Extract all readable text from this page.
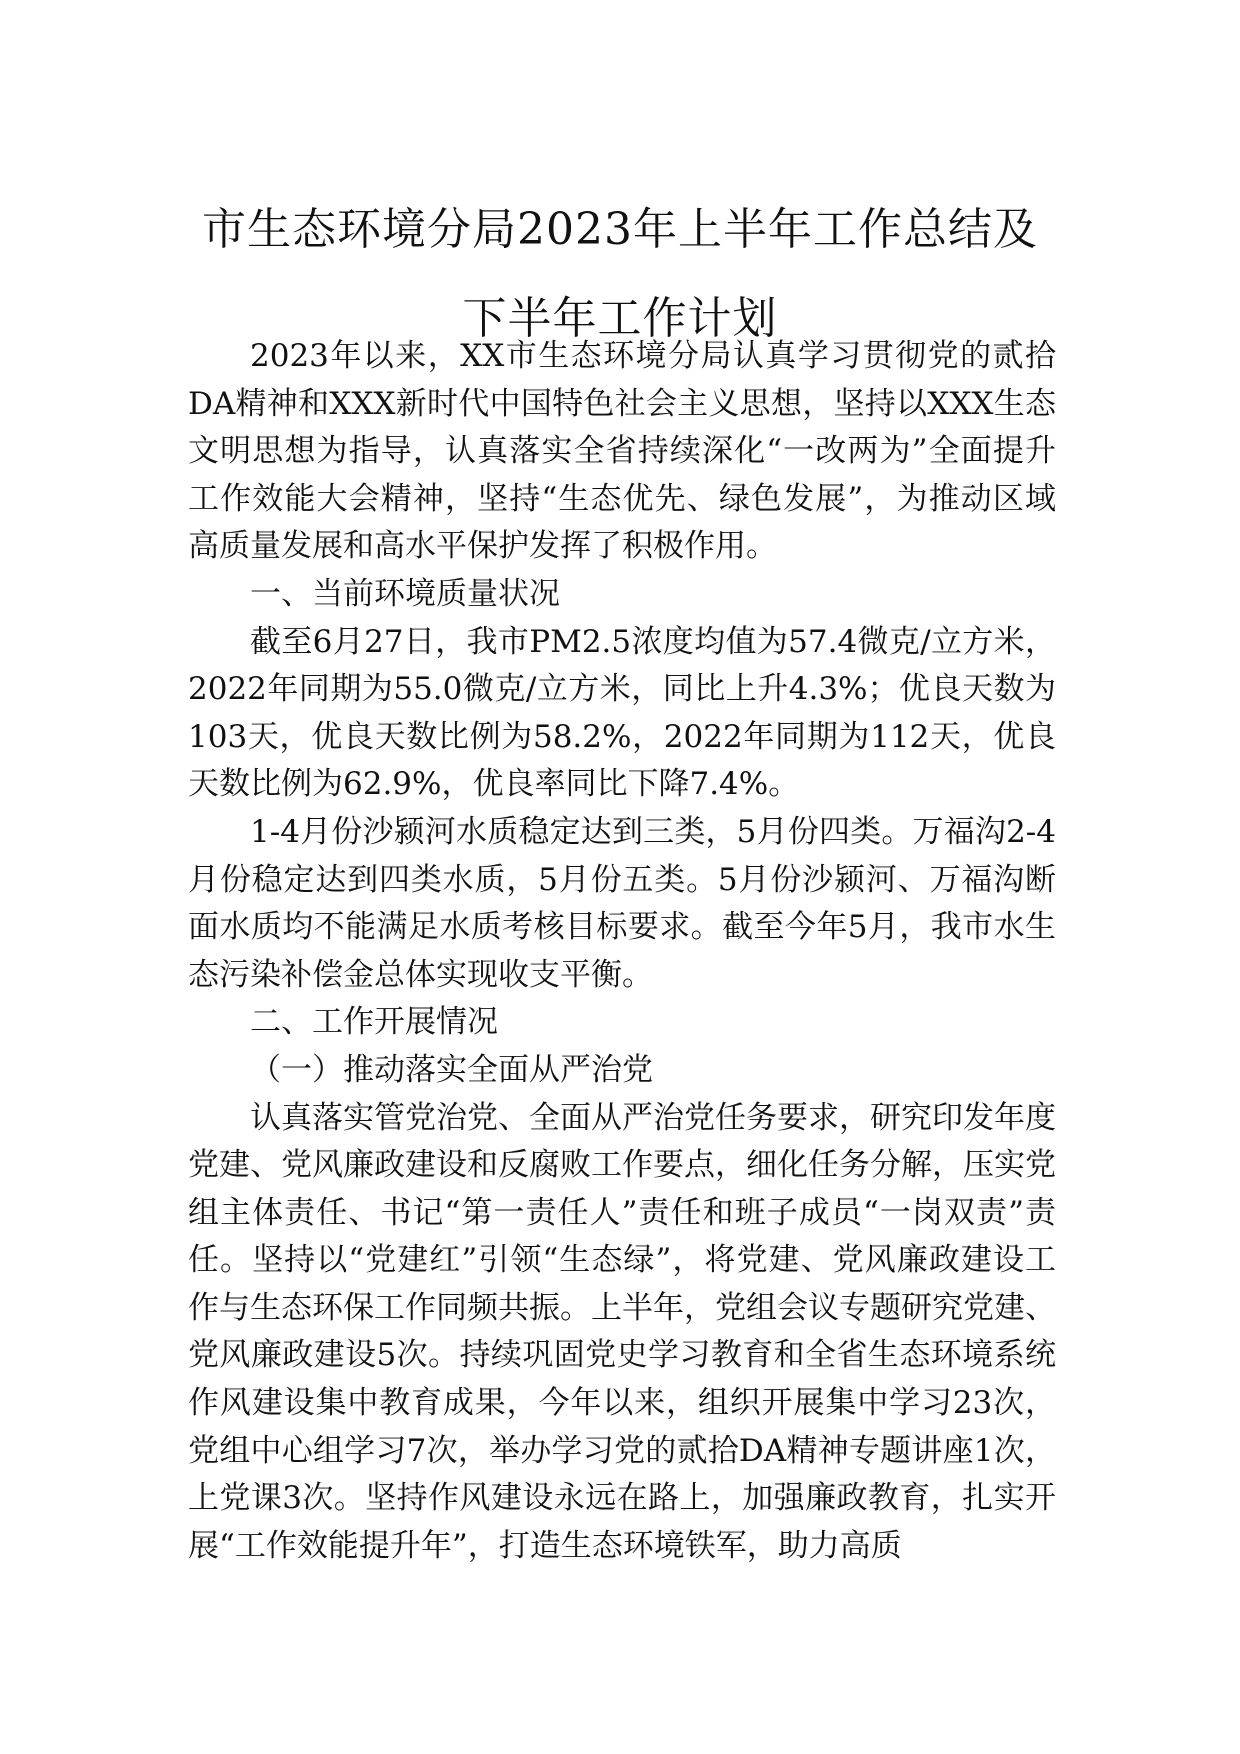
市生态环境分局2023年上半年工作总结及
下半年工作计划

2023年以来，XX市生态环境分局认真学习贯彻党的贰拾DA精神和XXX新时代中国特色社会主义思想，坚持以XXX生态文明思想为指导，认真落实全省持续深化“一改两为”全面提升工作效能大会精神，坚持“生态优先、绿色发展”，为推动区域高质量发展和高水平保护发挥了积极作用。

一、当前环境质量状况

截至6月27日，我市PM2.5浓度均值为57.4微克/立方米，2022年同期为55.0微克/立方米，同比上升4.3%；优良天数为103天，优良天数比例为58.2%，2022年同期为112天，优良天数比例为62.9%，优良率同比下降7.4%。

1-4月份沙颍河水质稳定达到三类，5月份四类。万福沟2-4月份稳定达到四类水质，5月份五类。5月份沙颍河、万福沟断面水质均不能满足水质考核目标要求。截至今年5月，我市水生态污染补偿金总体实现收支平衡。

二、工作开展情况

（一）推动落实全面从严治党

认真落实管党治党、全面从严治党任务要求，研究印发年度党建、党风廉政建设和反腐败工作要点，细化任务分解，压实党组主体责任、书记“第一责任人”责任和班子成员“一岗双责”责任。坚持以“党建红”引领“生态绿”，将党建、党风廉政建设工作与生态环保工作同频共振。上半年，党组会议专题研究党建、党风廉政建设5次。持续巩固党史学习教育和全省生态环境系统作风建设集中教育成果，今年以来，组织开展集中学习23次，党组中心组学习7次，举办学习党的贰拾DA精神专题讲座1次，上党课3次。坚持作风建设永远在路上，加强廉政教育，扎实开展“工作效能提升年”，打造生态环境铁军，助力高质
